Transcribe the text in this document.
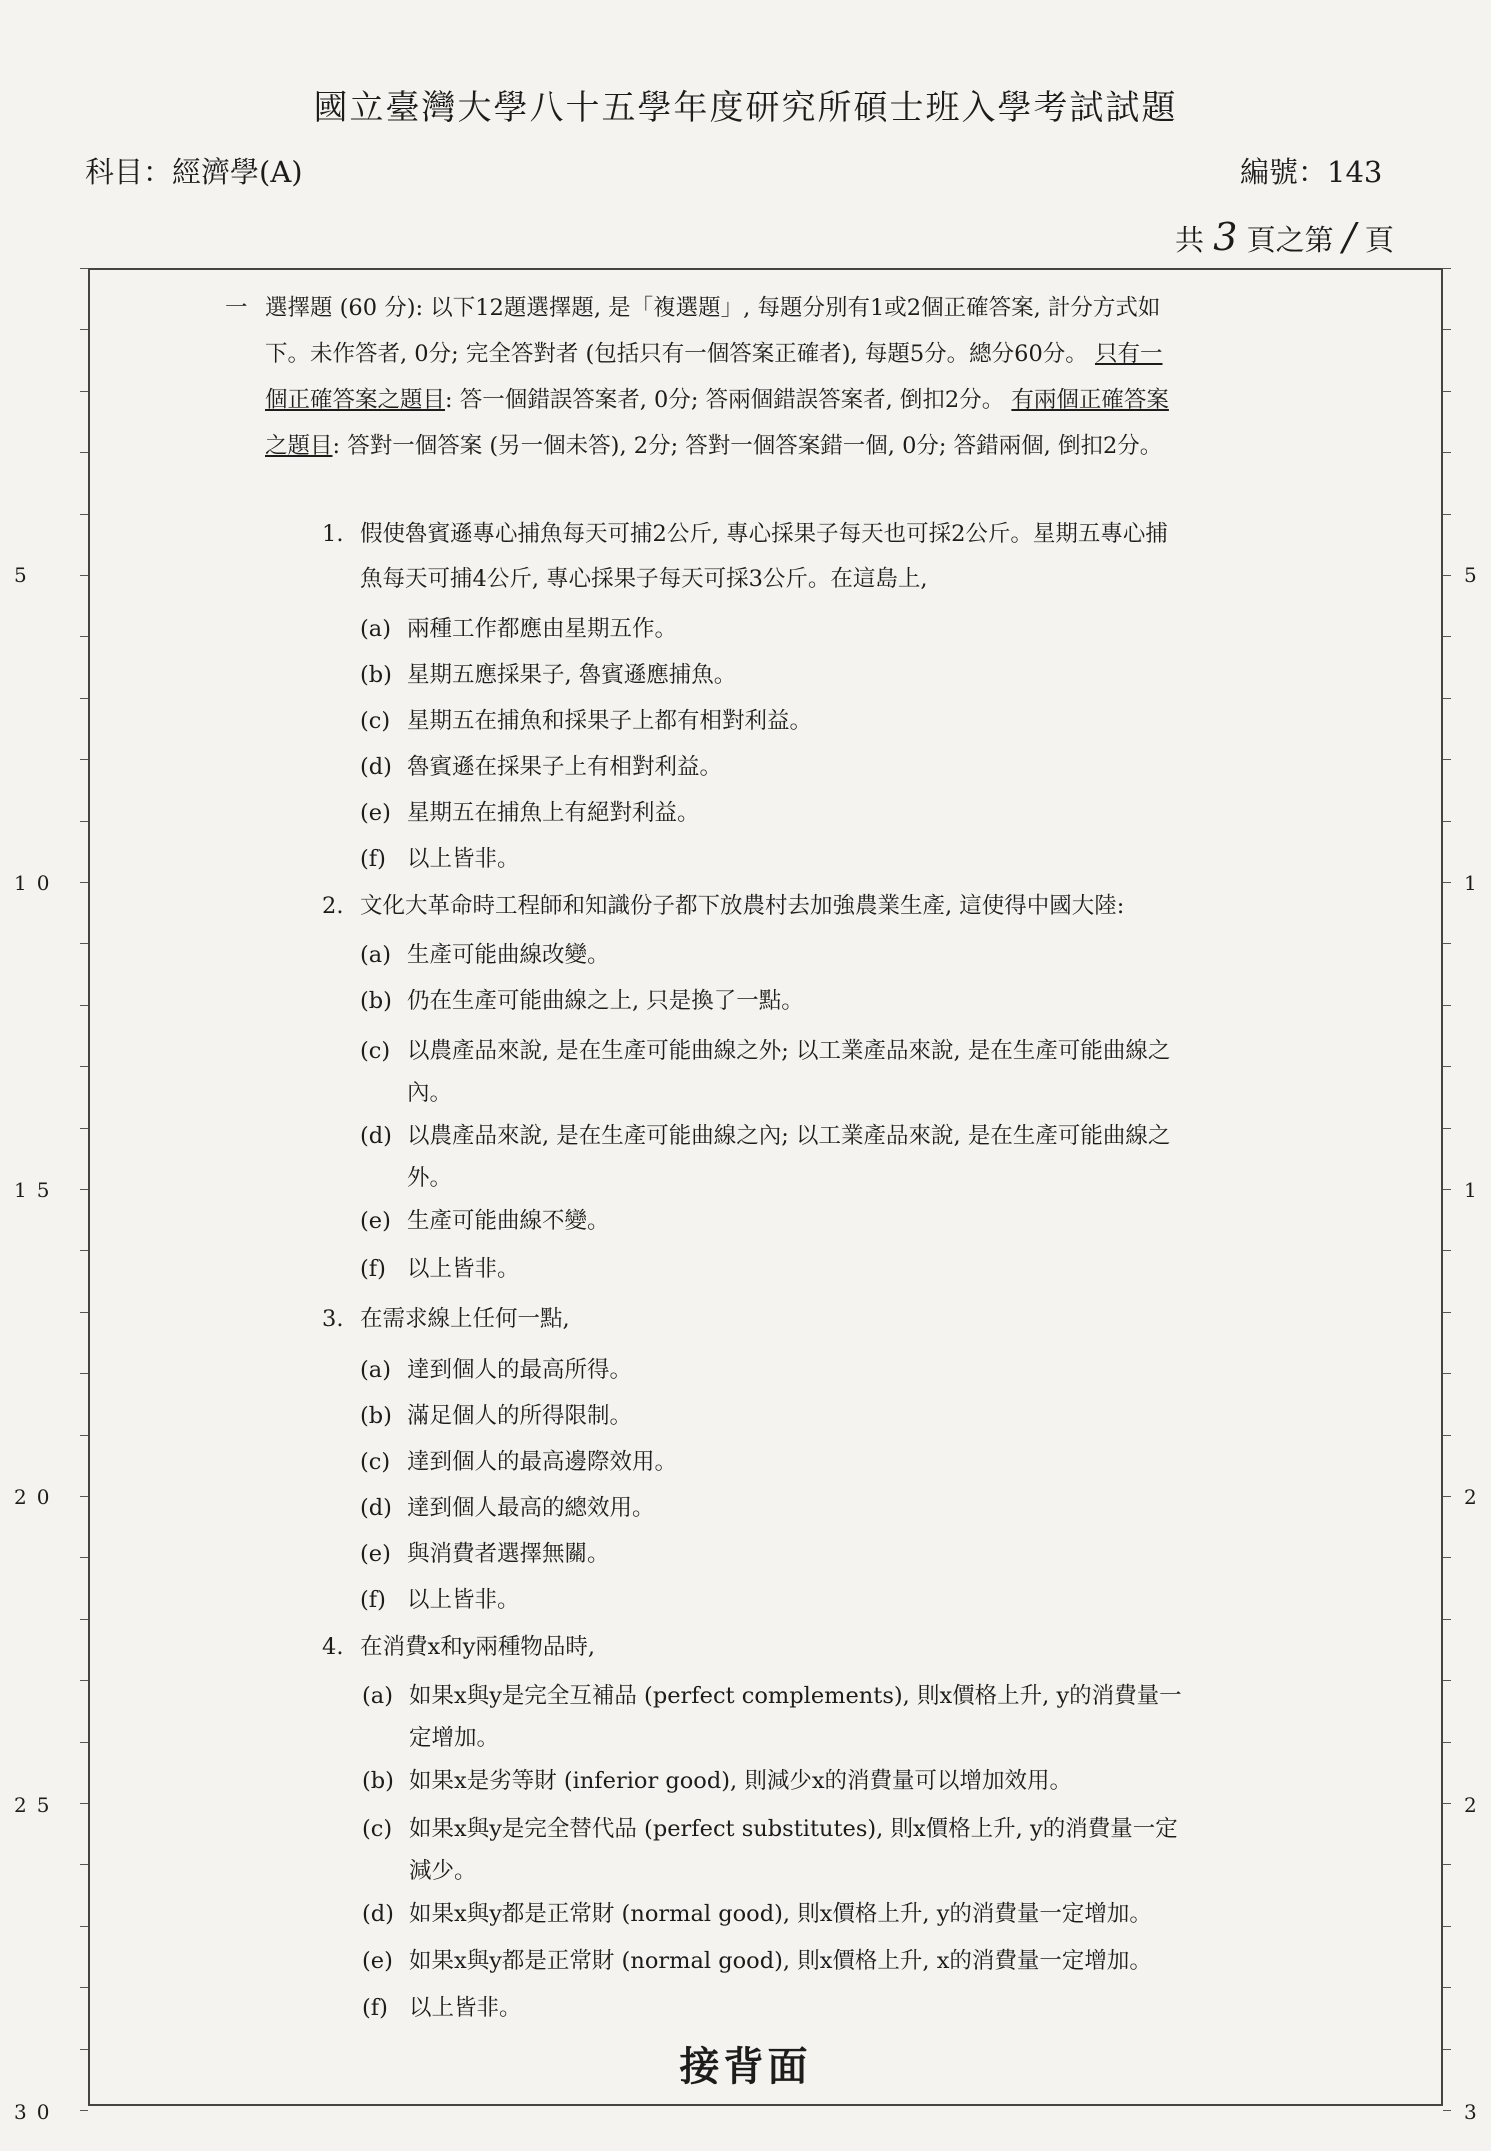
國立臺灣大學八十五學年度研究所碩士班入學考試試題
科目：經濟學(A)	編號：143
共 3 頁之第 / 頁
5
10
15
20
25
30
5
1
1
2
2
3
一 選擇題 (60 分): 以下12題選擇題, 是「複選題」, 每題分別有1或2個正確答案, 計分方式如下。未作答者, 0分; 完全答對者 (包括只有一個答案正確者), 每題5分。總分60分。 只有一個正確答案之題目: 答一個錯誤答案者, 0分; 答兩個錯誤答案者, 倒扣2分。 有兩個正確答案之題目: 答對一個答案 (另一個未答), 2分; 答對一個答案錯一個, 0分; 答錯兩個, 倒扣2分。
1. 假使魯賓遜專心捕魚每天可捕2公斤, 專心採果子每天也可採2公斤。星期五專心捕魚每天可捕4公斤, 專心採果子每天可採3公斤。在這島上,
(a) 兩種工作都應由星期五作。
(b) 星期五應採果子, 魯賓遜應捕魚。
(c) 星期五在捕魚和採果子上都有相對利益。
(d) 魯賓遜在採果子上有相對利益。
(e) 星期五在捕魚上有絕對利益。
(f) 以上皆非。
2. 文化大革命時工程師和知識份子都下放農村去加強農業生產, 這使得中國大陸:
(a) 生產可能曲線改變。
(b) 仍在生產可能曲線之上, 只是換了一點。
(c) 以農產品來說, 是在生產可能曲線之外; 以工業產品來說, 是在生產可能曲線之內。
(d) 以農產品來說, 是在生產可能曲線之內; 以工業產品來說, 是在生產可能曲線之外。
(e) 生產可能曲線不變。
(f) 以上皆非。
3. 在需求線上任何一點,
(a) 達到個人的最高所得。
(b) 滿足個人的所得限制。
(c) 達到個人的最高邊際效用。
(d) 達到個人最高的總效用。
(e) 與消費者選擇無關。
(f) 以上皆非。
4. 在消費x和y兩種物品時,
(a) 如果x與y是完全互補品 (perfect complements), 則x價格上升, y的消費量一定增加。
(b) 如果x是劣等財 (inferior good), 則減少x的消費量可以增加效用。
(c) 如果x與y是完全替代品 (perfect substitutes), 則x價格上升, y的消費量一定減少。
(d) 如果x與y都是正常財 (normal good), 則x價格上升, y的消費量一定增加。
(e) 如果x與y都是正常財 (normal good), 則x價格上升, x的消費量一定增加。
(f) 以上皆非。
接背面
